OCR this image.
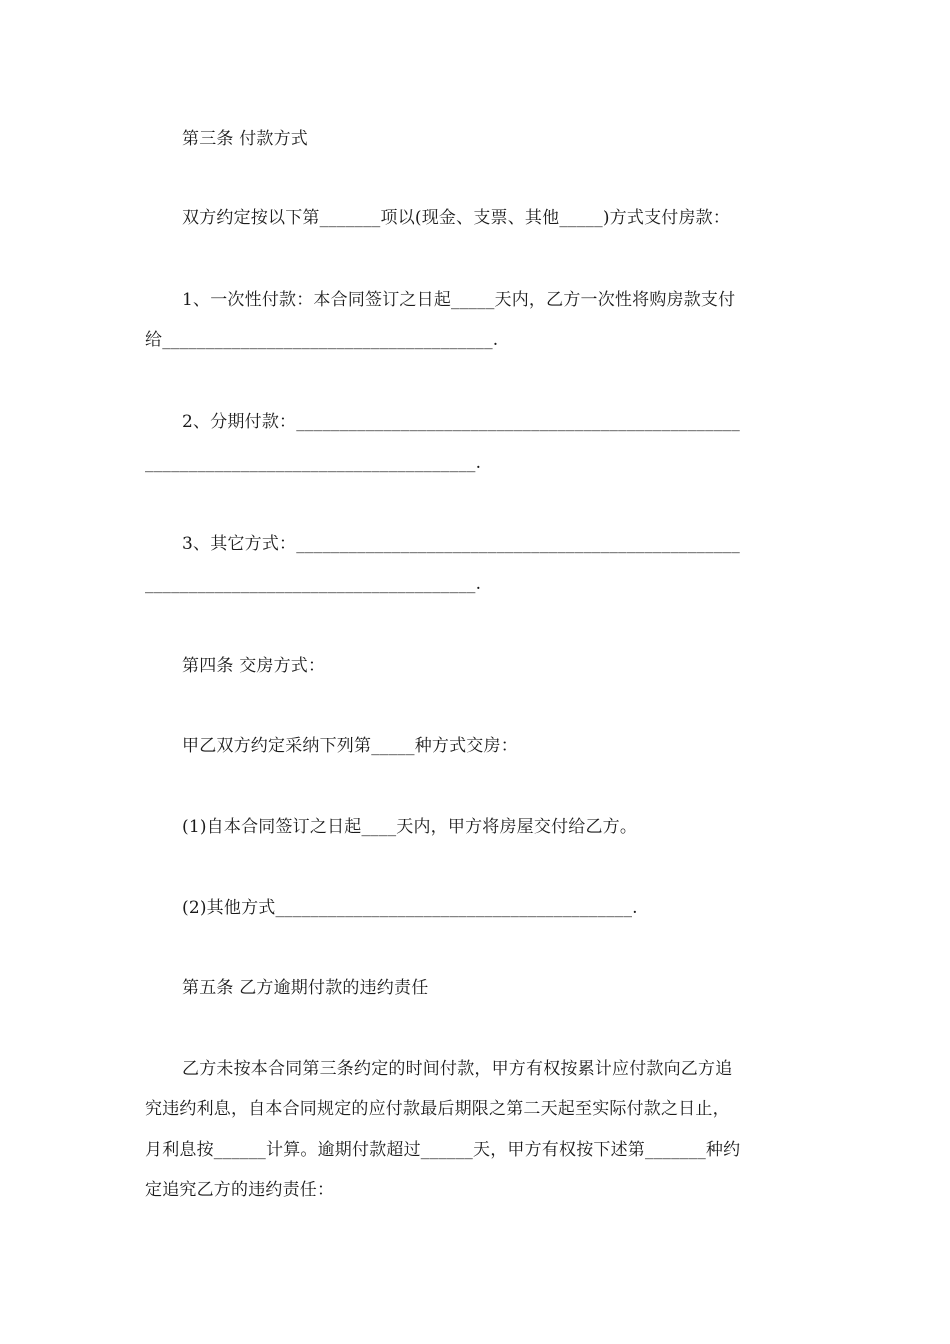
第三条 付款方式
双方约定按以下第_______项以(现金、支票、其他_____)方式支付房款：
1、一次性付款：本合同签订之日起_____天内，乙方一次性将购房款支付
给______________________________________.
2、分期付款：___________________________________________________
______________________________________.
3、其它方式：___________________________________________________
______________________________________.
第四条 交房方式：
甲乙双方约定采纳下列第_____种方式交房：
(1)自本合同签订之日起____天内，甲方将房屋交付给乙方。
(2)其他方式_________________________________________.
第五条 乙方逾期付款的违约责任
乙方未按本合同第三条约定的时间付款，甲方有权按累计应付款向乙方追
究违约利息，自本合同规定的应付款最后期限之第二天起至实际付款之日止，
月利息按______计算。逾期付款超过______天，甲方有权按下述第_______种约
定追究乙方的违约责任：
